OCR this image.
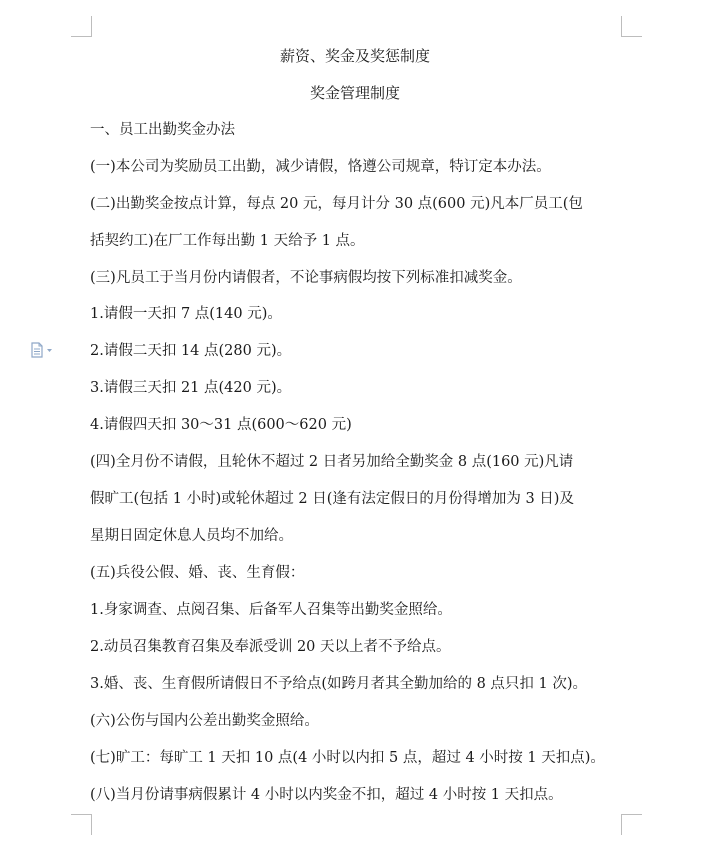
薪资、奖金及奖惩制度
奖金管理制度

一、员工出勤奖金办法

(一)本公司为奖励员工出勤，减少请假，恪遵公司规章，特订定本办法。

(二)出勤奖金按点计算，每点 20 元，每月计分 30 点(600 元)凡本厂员工(包

括契约工)在厂工作每出勤 1 天给予 1 点。

(三)凡员工于当月份内请假者，不论事病假均按下列标准扣减奖金。

1.请假一天扣 7 点(140 元)。

2.请假二天扣 14 点(280 元)。

3.请假三天扣 21 点(420 元)。

4.请假四天扣 30～31 点(600～620 元)

(四)全月份不请假，且轮休不超过 2 日者另加给全勤奖金 8 点(160 元)凡请

假旷工(包括 1 小时)或轮休超过 2 日(逢有法定假日的月份得增加为 3 日)及

星期日固定休息人员均不加给。

(五)兵役公假、婚、丧、生育假：

1.身家调查、点阅召集、后备军人召集等出勤奖金照给。

2.动员召集教育召集及奉派受训 20 天以上者不予给点。

3.婚、丧、生育假所请假日不予给点(如跨月者其全勤加给的 8 点只扣 1 次)。

(六)公伤与国内公差出勤奖金照给。

(七)旷工：每旷工 1 天扣 10 点(4 小时以内扣 5 点，超过 4 小时按 1 天扣点)。

(八)当月份请事病假累计 4 小时以内奖金不扣，超过 4 小时按 1 天扣点。
